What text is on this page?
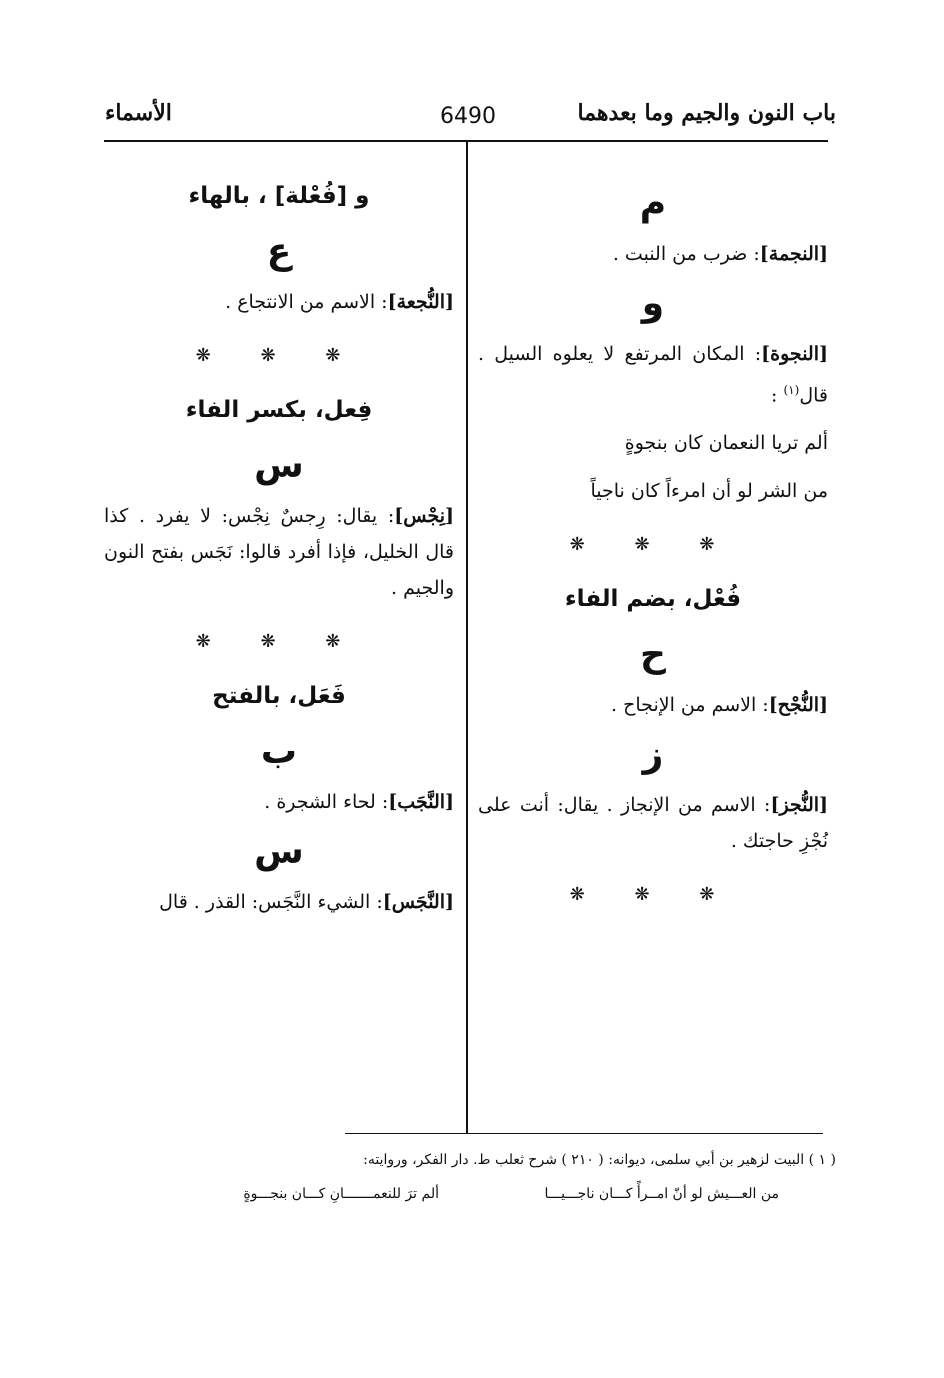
باب النون والجيم وما بعدهما
6490
الأسماء
م
[النجمة]: ضرب من النبت .
و
[النجوة]: المكان المرتفع لا يعلوه السيل . قال$^{(١)}$ :
ألم تريا النعمان كان بنجوةٍ
من الشر لو أن امرءاً كان ناجياً
❋ ❋ ❋
فُعْل، بضم الفاء
ح
[النُّجْح]: الاسم من الإنجاح .
ز
[النُّجز]: الاسم من الإنجاز . يقال: أنت على نُجْزِ حاجتك .
❋ ❋ ❋
و [فُعْلة] ، بالهاء
ع
[النُّجعة]: الاسم من الانتجاع .
❋ ❋ ❋
فِعل، بكسر الفاء
س
[نِجْس]: يقال: رِجسٌ نِجْس: لا يفرد . كذا قال الخليل، فإذا أفرد قالوا: نَجَس بفتح النون والجيم .
❋ ❋ ❋
فَعَل، بالفتح
ب
[النَّجَب]: لحاء الشجرة .
س
[النَّجَس]: الشيء النَّجَس: القذر . قال
( ١ ) البيت لزهير بن أبي سلمى، ديوانه: ( ٢١٠ ) شرح ثعلب ط. دار الفكر، وروايته:
ألم ترَ للنعمـــــــانِ كـــان بنجـــوةٍ	من العـــيش لو أنّ امــرأً كـــان ناجـــيـــا
